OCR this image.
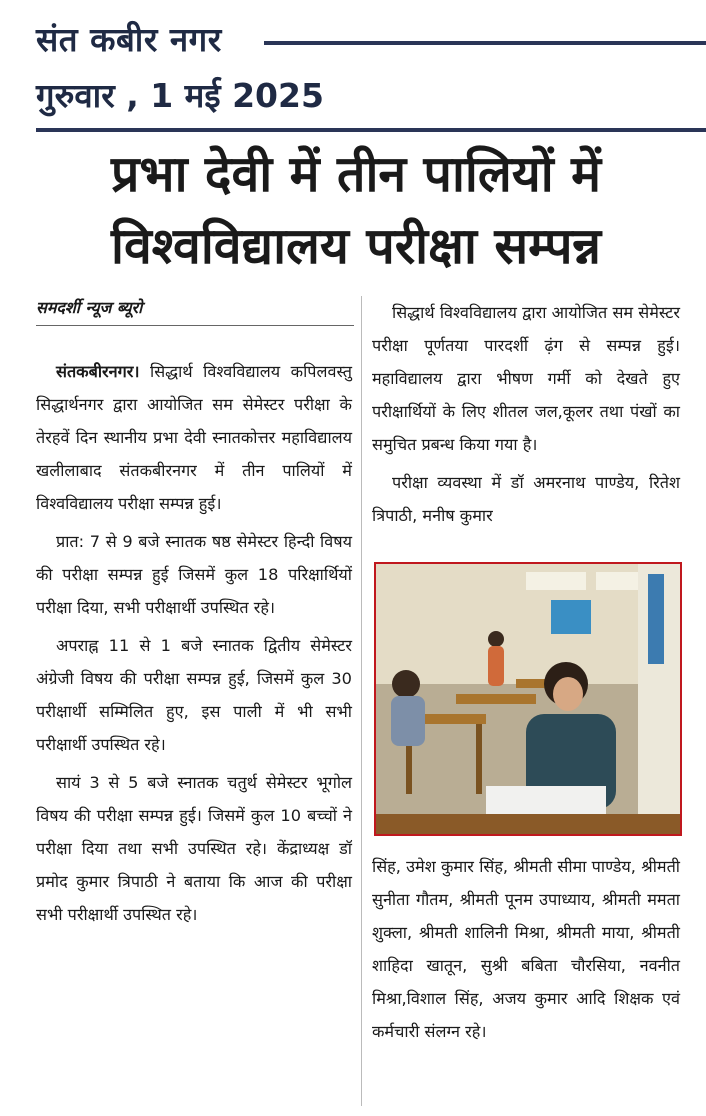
संत कबीर नगर
गुरुवार , 1 मई 2025
प्रभा देवी में तीन पालियों में
विश्वविद्यालय परीक्षा सम्पन्न
समदर्शी न्यूज ब्यूरो

संतकबीरनगर। सिद्धार्थ विश्वविद्यालय कपिलवस्तु सिद्धार्थनगर द्वारा आयोजित सम सेमेस्टर परीक्षा के तेरहवें दिन स्थानीय प्रभा देवी स्नातकोत्तर महाविद्यालय खलीलाबाद संतकबीरनगर में तीन पालियों में विश्वविद्यालय परीक्षा सम्पन्न हुई।

प्रात: 7 से 9 बजे स्नातक षष्ठ सेमेस्टर हिन्दी विषय की परीक्षा सम्पन्न हुई जिसमें कुल 18 परिक्षार्थियों परीक्षा दिया, सभी परीक्षार्थी उपस्थित रहे।

अपराह्न 11 से 1 बजे स्नातक द्वितीय सेमेस्टर अंग्रेजी विषय की परीक्षा सम्पन्न हुई, जिसमें कुल 30 परीक्षार्थी सम्मिलित हुए, इस पाली में भी सभी परीक्षार्थी उपस्थित रहे।

सायं 3 से 5 बजे स्नातक चतुर्थ सेमेस्टर भूगोल विषय की परीक्षा सम्पन्न हुई। जिसमें कुल 10 बच्चों ने परीक्षा दिया तथा सभी उपस्थित रहे। केंद्राध्यक्ष डॉ प्रमोद कुमार त्रिपाठी ने बताया कि आज की परीक्षा सभी परीक्षार्थी उपस्थित रहे।

सिद्धार्थ विश्वविद्यालय द्वारा आयोजित सम सेमेस्टर परीक्षा पूर्णतया पारदर्शी ढ़ंग से सम्पन्न हुई। महाविद्यालय द्वारा भीषण गर्मी को देखते हुए परीक्षार्थियों के लिए शीतल जल,कूलर तथा पंखों का समुचित प्रबन्ध किया गया है।

परीक्षा व्यवस्था में डॉ अमरनाथ पाण्डेय, रितेश त्रिपाठी, मनीष कुमार

सिंह, उमेश कुमार सिंह, श्रीमती सीमा पाण्डेय, श्रीमती सुनीता गौतम, श्रीमती पूनम उपाध्याय, श्रीमती ममता शुक्ला, श्रीमती शालिनी मिश्रा, श्रीमती माया, श्रीमती शाहिदा खातून, सुश्री बबिता चौरसिया, नवनीत मिश्रा,विशाल सिंह, अजय कुमार आदि शिक्षक एवं कर्मचारी संलग्न रहे।
